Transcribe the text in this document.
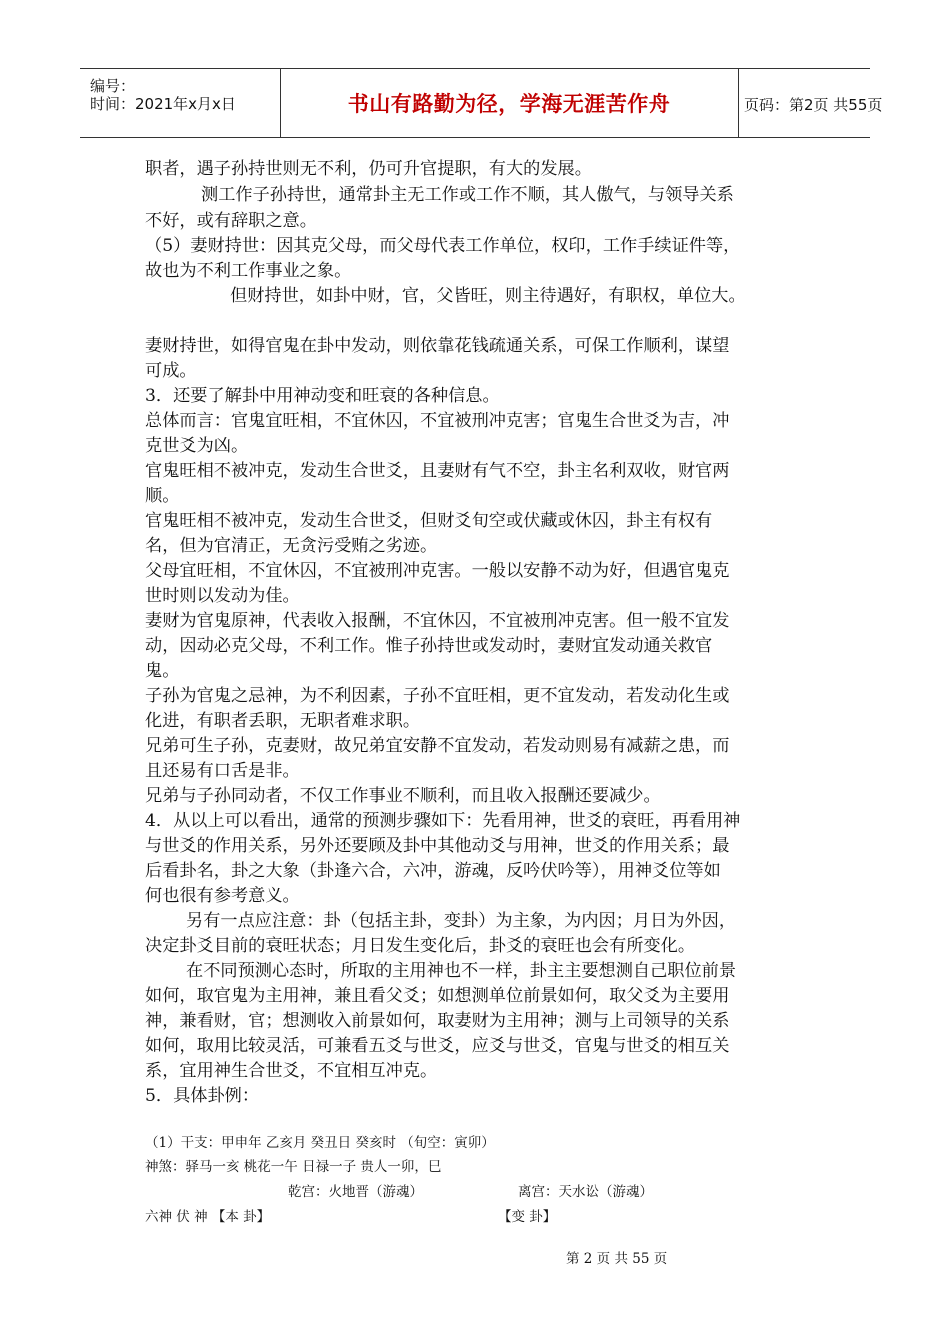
编号：
时间：2021年x月x日	书山有路勤为径，学海无涯苦作舟	页码：第2页 共55页
职者，遇子孙持世则无不利，仍可升官提职，有大的发展。
测工作子孙持世，通常卦主无工作或工作不顺，其人傲气，与领导关系
不好，或有辞职之意。
（5）妻财持世：因其克父母，而父母代表工作单位，权印，工作手续证件等，
故也为不利工作事业之象。
但财持世，如卦中财，官，父皆旺，则主待遇好，有职权，单位大。
妻财持世，如得官鬼在卦中发动，则依靠花钱疏通关系，可保工作顺利，谋望
可成。
3．还要了解卦中用神动变和旺衰的各种信息。
总体而言：官鬼宜旺相，不宜休囚，不宜被刑冲克害；官鬼生合世爻为吉，冲
克世爻为凶。
官鬼旺相不被冲克，发动生合世爻，且妻财有气不空，卦主名利双收，财官两
顺。
官鬼旺相不被冲克，发动生合世爻，但财爻旬空或伏藏或休囚，卦主有权有
名，但为官清正，无贪污受贿之劣迹。
父母宜旺相，不宜休囚，不宜被刑冲克害。一般以安静不动为好，但遇官鬼克
世时则以发动为佳。
妻财为官鬼原神，代表收入报酬，不宜休囚，不宜被刑冲克害。但一般不宜发
动，因动必克父母，不利工作。惟子孙持世或发动时，妻财宜发动通关救官
鬼。
子孙为官鬼之忌神，为不利因素，子孙不宜旺相，更不宜发动，若发动化生或
化进，有职者丢职，无职者难求职。
兄弟可生子孙，克妻财，故兄弟宜安静不宜发动，若发动则易有减薪之患，而
且还易有口舌是非。
兄弟与子孙同动者，不仅工作事业不顺利，而且收入报酬还要减少。
4．从以上可以看出，通常的预测步骤如下：先看用神，世爻的衰旺，再看用神
与世爻的作用关系，另外还要顾及卦中其他动爻与用神，世爻的作用关系；最
后看卦名，卦之大象（卦逢六合，六冲，游魂，反吟伏吟等），用神爻位等如
何也很有参考意义。
另有一点应注意：卦（包括主卦，变卦）为主象，为内因；月日为外因，
决定卦爻目前的衰旺状态；月日发生变化后，卦爻的衰旺也会有所变化。
在不同预测心态时，所取的主用神也不一样，卦主主要想测自己职位前景
如何，取官鬼为主用神，兼且看父爻；如想测单位前景如何，取父爻为主要用
神，兼看财，官；想测收入前景如何，取妻财为主用神；测与上司领导的关系
如何，取用比较灵活，可兼看五爻与世爻，应爻与世爻，官鬼与世爻的相互关
系，宜用神生合世爻，不宜相互冲克。
5．具体卦例：
（1）干支：甲申年 乙亥月 癸丑日 癸亥时 （旬空：寅卯）
神煞：驿马一亥 桃花一午 日禄一子 贵人一卯，巳
乾宫：火地晋（游魂）	离宫：天水讼（游魂）
六神 伏 神 【本 卦】	【变 卦】
第 2 页 共 55 页
